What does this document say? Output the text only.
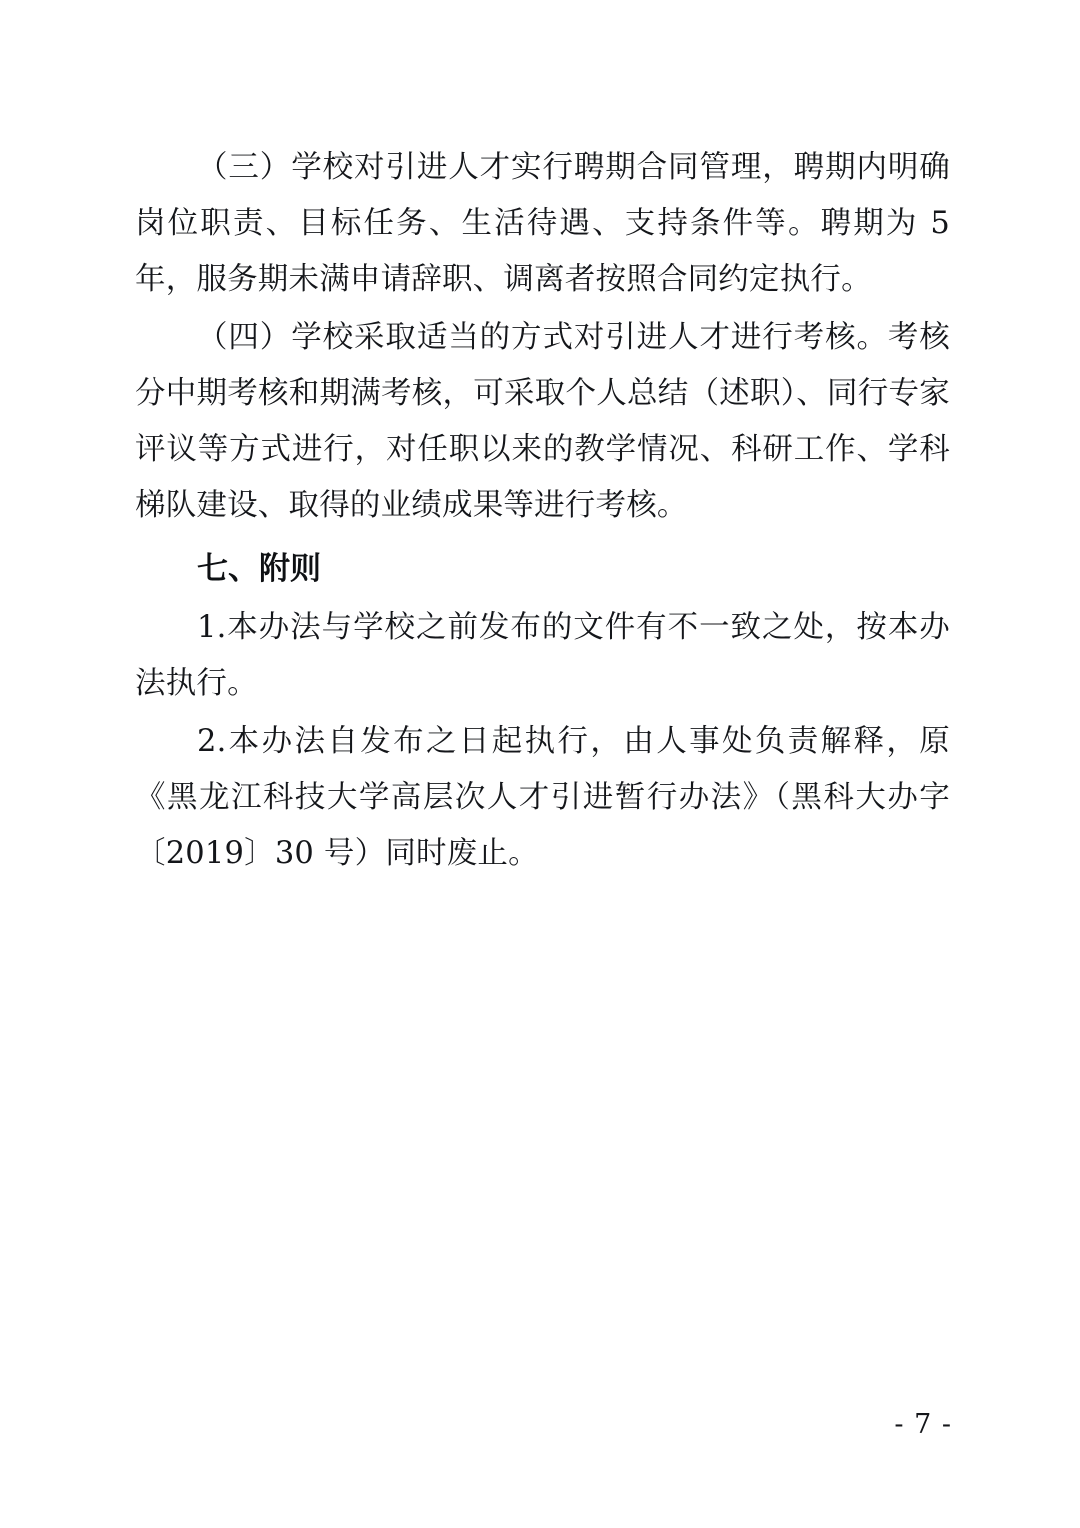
（三）学校对引进人才实行聘期合同管理，聘期内明确岗位职责、目标任务、生活待遇、支持条件等。聘期为 5 年，服务期未满申请辞职、调离者按照合同约定执行。

（四）学校采取适当的方式对引进人才进行考核。考核分中期考核和期满考核，可采取个人总结（述职）、同行专家评议等方式进行，对任职以来的教学情况、科研工作、学科梯队建设、取得的业绩成果等进行考核。

七、附则

1.本办法与学校之前发布的文件有不一致之处，按本办法执行。

2.本办法自发布之日起执行，由人事处负责解释，原《黑龙江科技大学高层次人才引进暂行办法》（黑科大办字〔2019〕30 号）同时废止。

- 7 -
